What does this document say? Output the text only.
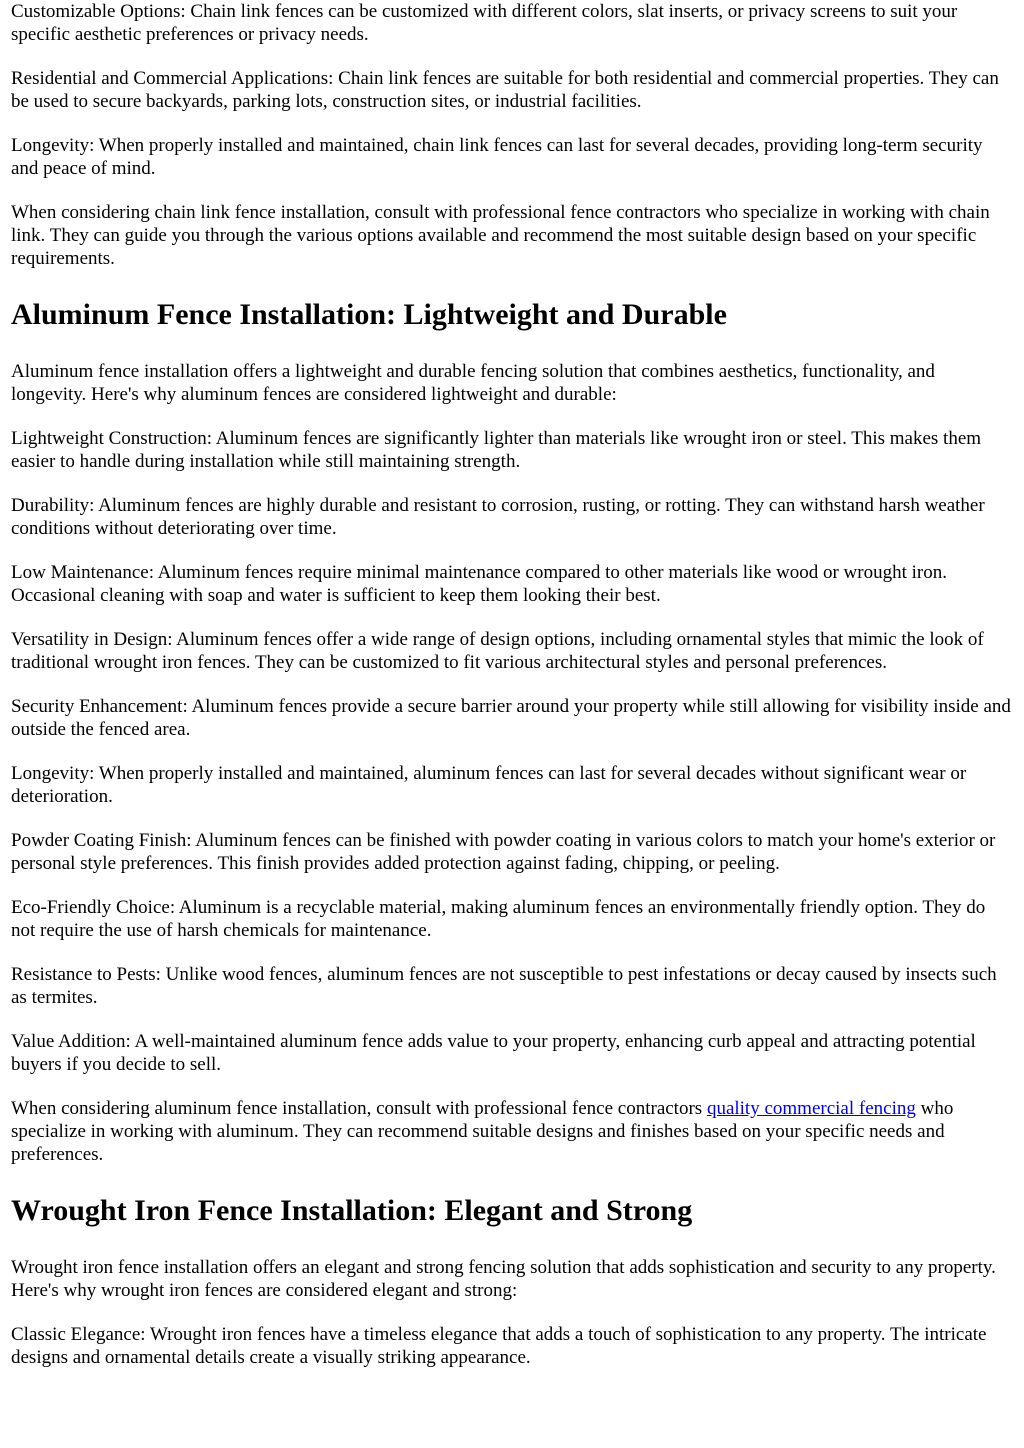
Customizable Options: Chain link fences can be customized with different colors, slat inserts, or privacy screens to suit your specific aesthetic preferences or privacy needs.

Residential and Commercial Applications: Chain link fences are suitable for both residential and commercial properties. They can be used to secure backyards, parking lots, construction sites, or industrial facilities.

Longevity: When properly installed and maintained, chain link fences can last for several decades, providing long-term security and peace of mind.

When considering chain link fence installation, consult with professional fence contractors who specialize in working with chain link. They can guide you through the various options available and recommend the most suitable design based on your specific requirements.

Aluminum Fence Installation: Lightweight and Durable

Aluminum fence installation offers a lightweight and durable fencing solution that combines aesthetics, functionality, and longevity. Here's why aluminum fences are considered lightweight and durable:

Lightweight Construction: Aluminum fences are significantly lighter than materials like wrought iron or steel. This makes them easier to handle during installation while still maintaining strength.

Durability: Aluminum fences are highly durable and resistant to corrosion, rusting, or rotting. They can withstand harsh weather conditions without deteriorating over time.

Low Maintenance: Aluminum fences require minimal maintenance compared to other materials like wood or wrought iron. Occasional cleaning with soap and water is sufficient to keep them looking their best.

Versatility in Design: Aluminum fences offer a wide range of design options, including ornamental styles that mimic the look of traditional wrought iron fences. They can be customized to fit various architectural styles and personal preferences.

Security Enhancement: Aluminum fences provide a secure barrier around your property while still allowing for visibility inside and outside the fenced area.

Longevity: When properly installed and maintained, aluminum fences can last for several decades without significant wear or deterioration.

Powder Coating Finish: Aluminum fences can be finished with powder coating in various colors to match your home's exterior or personal style preferences. This finish provides added protection against fading, chipping, or peeling.

Eco-Friendly Choice: Aluminum is a recyclable material, making aluminum fences an environmentally friendly option. They do not require the use of harsh chemicals for maintenance.

Resistance to Pests: Unlike wood fences, aluminum fences are not susceptible to pest infestations or decay caused by insects such as termites.

Value Addition: A well-maintained aluminum fence adds value to your property, enhancing curb appeal and attracting potential buyers if you decide to sell.

When considering aluminum fence installation, consult with professional fence contractors quality commercial fencing who specialize in working with aluminum. They can recommend suitable designs and finishes based on your specific needs and preferences.

Wrought Iron Fence Installation: Elegant and Strong

Wrought iron fence installation offers an elegant and strong fencing solution that adds sophistication and security to any property. Here's why wrought iron fences are considered elegant and strong:

Classic Elegance: Wrought iron fences have a timeless elegance that adds a touch of sophistication to any property. The intricate designs and ornamental details create a visually striking appearance.
